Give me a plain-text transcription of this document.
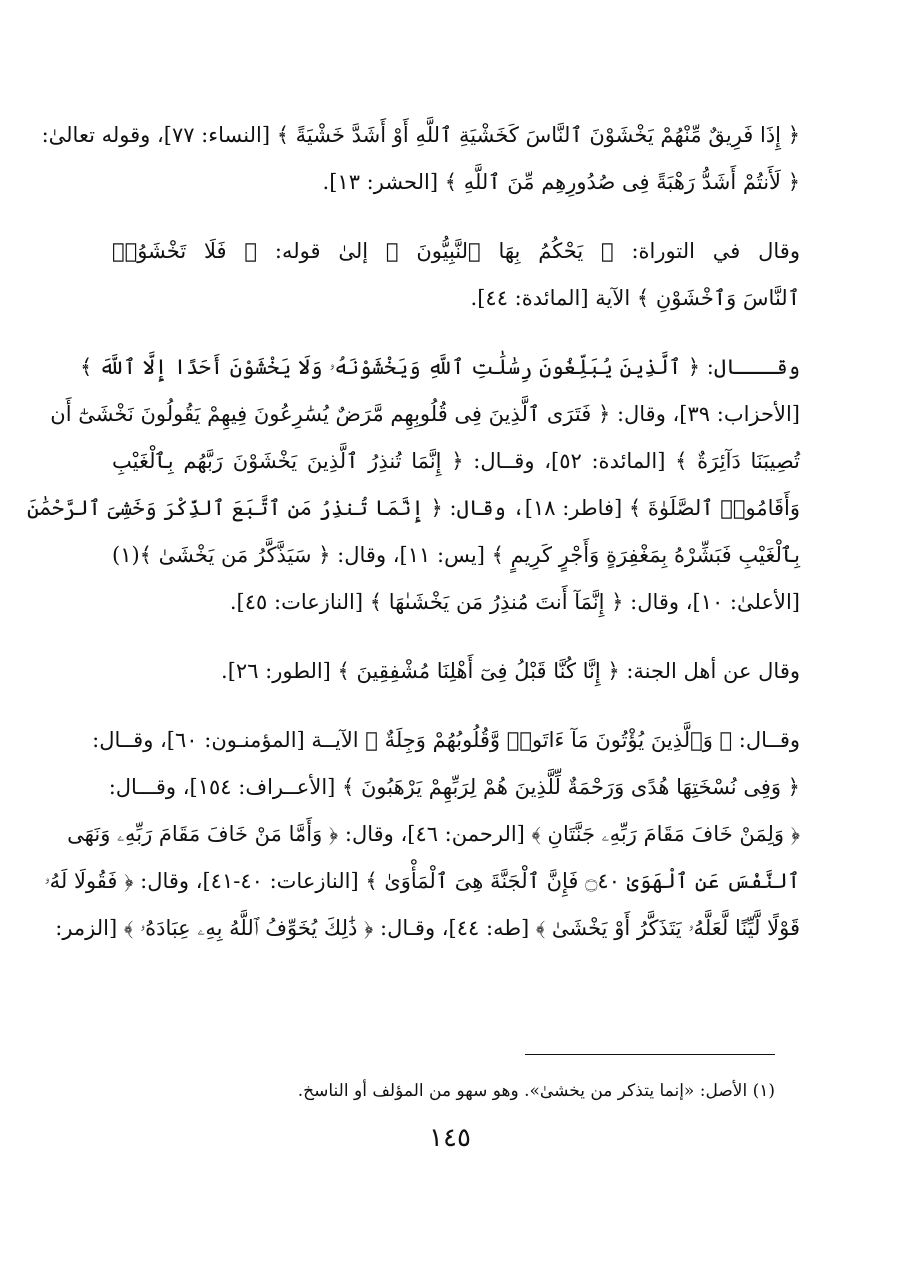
﴿ إِذَا فَرِيقٌ مِّنْهُمْ يَخْشَوْنَ ٱلنَّاسَ كَخَشْيَةِ ٱللَّهِ أَوْ أَشَدَّ خَشْيَةً ﴾ [النساء: ٧٧]، وقوله تعالىٰ:
﴿ لَأَنتُمْ أَشَدُّ رَهْبَةً فِى صُدُورِهِم مِّنَ ٱللَّهِ ﴾ [الحشر: ١٣].
وقال في التوراة: ﴿ يَحْكُمُ بِهَا ٱلنَّبِيُّونَ ﴾ إلىٰ قوله: ﴿ فَلَا تَخْشَوُا۟
ٱلنَّاسَ وَٱخْشَوْنِ ﴾ الآية [المائدة: ٤٤].
وقـــال: ﴿ ٱلَّذِينَ يُبَلِّغُونَ رِسَٰلَٰتِ ٱللَّهِ وَيَخْشَوْنَهُۥ وَلَا يَخْشَوْنَ أَحَدًا إِلَّا ٱللَّهَ ﴾
[الأحزاب: ٣٩]، وقال: ﴿ فَتَرَى ٱلَّذِينَ فِى قُلُوبِهِم مَّرَضٌ يُسَٰرِعُونَ فِيهِمْ يَقُولُونَ نَخْشَىٰٓ أَن
تُصِيبَنَا دَآئِرَةٌ ﴾ [المائدة: ٥٢]، وقــال: ﴿ إِنَّمَا تُنذِرُ ٱلَّذِينَ يَخْشَوْنَ رَبَّهُم بِٱلْغَيْبِ
وَأَقَامُوا۟ ٱلصَّلَوٰةَ ﴾ [فاطر: ١٨]، وقال: ﴿ إِنَّمَا تُنذِرُ مَنِ ٱتَّبَعَ ٱلذِّكْرَ وَخَشِىَ ٱلرَّحْمَٰنَ
بِٱلْغَيْبِ فَبَشِّرْهُ بِمَغْفِرَةٍ وَأَجْرٍ كَرِيمٍ ﴾ [يس: ١١]، وقال: ﴿ سَيَذَّكَّرُ مَن يَخْشَىٰ ﴾(١)
[الأعلىٰ: ١٠]، وقال: ﴿ إِنَّمَآ أَنتَ مُنذِرُ مَن يَخْشَىٰهَا ﴾ [النازعات: ٤٥].
وقال عن أهل الجنة: ﴿ إِنَّا كُنَّا قَبْلُ فِىٓ أَهْلِنَا مُشْفِقِينَ ﴾ [الطور: ٢٦].
وقــال: ﴿ وَٱلَّذِينَ يُؤْتُونَ مَآ ءَاتَوا۟ وَّقُلُوبُهُمْ وَجِلَةٌ ﴾ الآيــة [المؤمنـون: ٦٠]، وقــال:
﴿ وَفِى نُسْخَتِهَا هُدًى وَرَحْمَةٌ لِّلَّذِينَ هُمْ لِرَبِّهِمْ يَرْهَبُونَ ﴾ [الأعــراف: ١٥٤]، وقـــال:
﴿ وَلِمَنْ خَافَ مَقَامَ رَبِّهِۦ جَنَّتَانِ ﴾ [الرحمن: ٤٦]، وقال: ﴿ وَأَمَّا مَنْ خَافَ مَقَامَ رَبِّهِۦ وَنَهَى
ٱلنَّفْسَ عَنِ ٱلْهَوَىٰ ۝٤٠ فَإِنَّ ٱلْجَنَّةَ هِىَ ٱلْمَأْوَىٰ ﴾ [النازعات: ٤٠-٤١]، وقال: ﴿ فَقُولَا لَهُۥ
قَوْلًا لَّيِّنًا لَّعَلَّهُۥ يَتَذَكَّرُ أَوْ يَخْشَىٰ ﴾ [طه: ٤٤]، وقـال: ﴿ ذَٰلِكَ يُخَوِّفُ ٱللَّهُ بِهِۦ عِبَادَهُۥ ﴾ [الزمر:
(١) الأصل: «إنما يتذكر من يخشىٰ». وهو سهو من المؤلف أو الناسخ.
١٤٥
